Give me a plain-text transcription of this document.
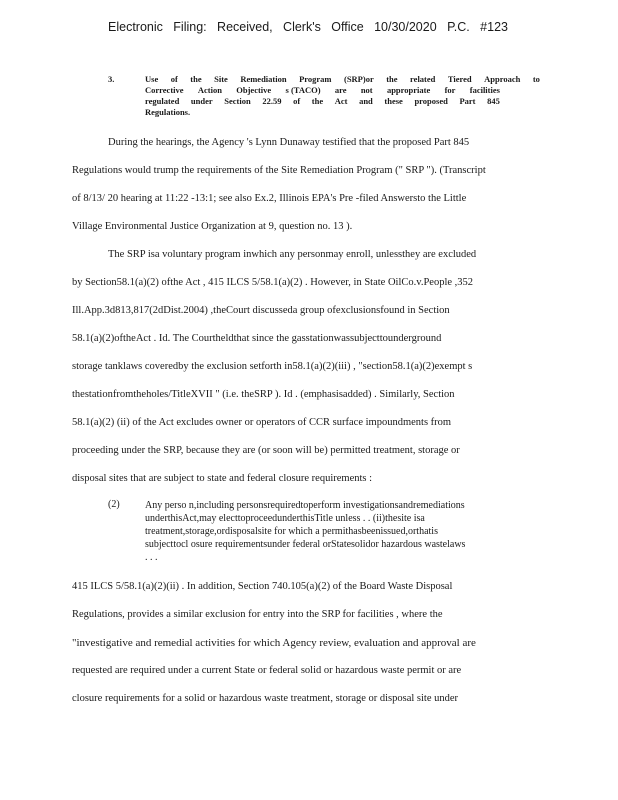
Electronic Filing: Received, Clerk's Office 10/30/2020 P.C. #123
3.	Use of the Site Remediation Program (SRP)or the related Tiered Approach to
Corrective Action Objective s (TACO) are not appropriate for facilities
regulated under Section 22.59 of the Act and these proposed Part 845
Regulations.
During the hearings, the Agency 's Lynn Dunaway testified that the proposed Part 845
Regulations would trump the requirements of the Site Remediation Program (" SRP "). (Transcript
of 8/13/ 20 hearing at 11:22 -13:1; see also Ex.2, Illinois EPA's Pre -filed Answersto the Little
Village Environmental Justice Organization at 9, question no. 13 ).
The SRP isa voluntary program inwhich any personmay enroll, unlessthey are excluded
by Section58.1(a)(2) ofthe Act , 415 ILCS 5/58.1(a)(2) . However, in State OilCo.v.People ,352
Ill.App.3d813,817(2dDist.2004) ,theCourt discusseda group ofexclusionsfound in Section
58.1(a)(2)oftheAct . Id. The Courtheldthat since the gasstationwassubjecttounderground
storage tanklaws coveredby the exclusion setforth in58.1(a)(2)(iii) , "section58.1(a)(2)exempt s
thestationfromtheholes/TitleXVII " (i.e. theSRP ). Id . (emphasisadded) . Similarly, Section
58.1(a)(2) (ii) of the Act excludes owner or operators of CCR surface impoundments from
proceeding under the SRP, because they are (or soon will be) permitted treatment, storage or
disposal sites that are subject to state and federal closure requirements :
(2)	Any perso n,including personsrequiredtoperform investigationsandremediations
underthisAct,may electtoproceedunderthisTitle unless . . (ii)thesite isa
treatment,storage,ordisposalsite for which a permithasbeenissued,orthatis
subjecttocl osure requirementsunder federal orStatesolidor hazardous wastelaws
. . .
415 ILCS 5/58.1(a)(2)(ii) . In addition, Section 740.105(a)(2) of the Board Waste Disposal
Regulations, provides a similar exclusion for entry into the SRP for facilities , where the
"investigative and remedial activities for which Agency review, evaluation and approval are
requested are required under a current State or federal solid or hazardous waste permit or are
closure requirements for a solid or hazardous waste treatment, storage or disposal site under
